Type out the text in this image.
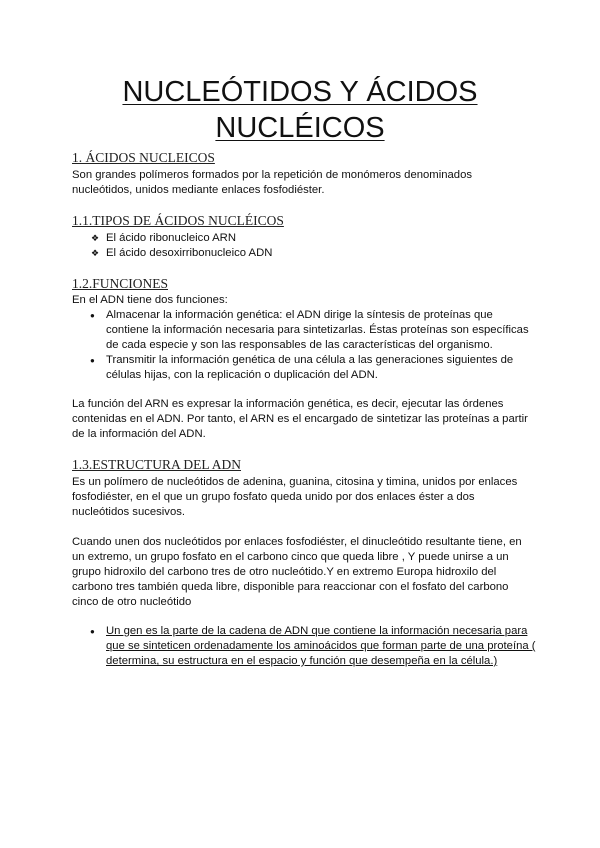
NUCLEÓTIDOS Y ÁCIDOS
NUCLÉICOS
1. ÁCIDOS NUCLEICOS
Son grandes polímeros formados por la repetición de monómeros denominados nucleótidos, unidos mediante enlaces fosfodiéster.
1.1.TIPOS DE ÁCIDOS NUCLÉICOS
❖ El ácido ribonucleico ARN
❖ El ácido desoxirribonucleico ADN
1.2.FUNCIONES
En el ADN tiene dos funciones:
● Almacenar la información genética: el ADN dirige la síntesis de proteínas que contiene la información necesaria para sintetizarlas. Éstas proteínas son específicas de cada especie y son las responsables de las características del organismo.
● Transmitir la información genética de una célula a las generaciones siguientes de células hijas, con la replicación o duplicación del ADN.
La función del ARN es expresar la información genética, es decir, ejecutar las órdenes contenidas en el ADN. Por tanto, el ARN es el encargado de sintetizar las proteínas a partir de la información del ADN.
1.3.ESTRUCTURA DEL ADN
Es un polímero de nucleótidos de adenina, guanina, citosina y timina, unidos por enlaces fosfodiéster, en el que un grupo fosfato queda unido por dos enlaces éster a dos nucleótidos sucesivos.
Cuando unen dos nucleótidos por enlaces fosfodiéster, el dinucleótido resultante tiene, en un extremo, un grupo fosfato en el carbono cinco que queda libre , Y puede unirse a un grupo hidroxilo del carbono tres de otro nucleótido.Y en extremo Europa hidroxilo del carbono tres también queda libre, disponible para reaccionar con el fosfato del carbono cinco de otro nucleótido
● Un gen es la parte de la cadena de ADN que contiene la información necesaria para que se sinteticen ordenadamente los aminoácidos que forman parte de una proteína ( determina, su estructura en el espacio y función que desempeña en la célula.)
